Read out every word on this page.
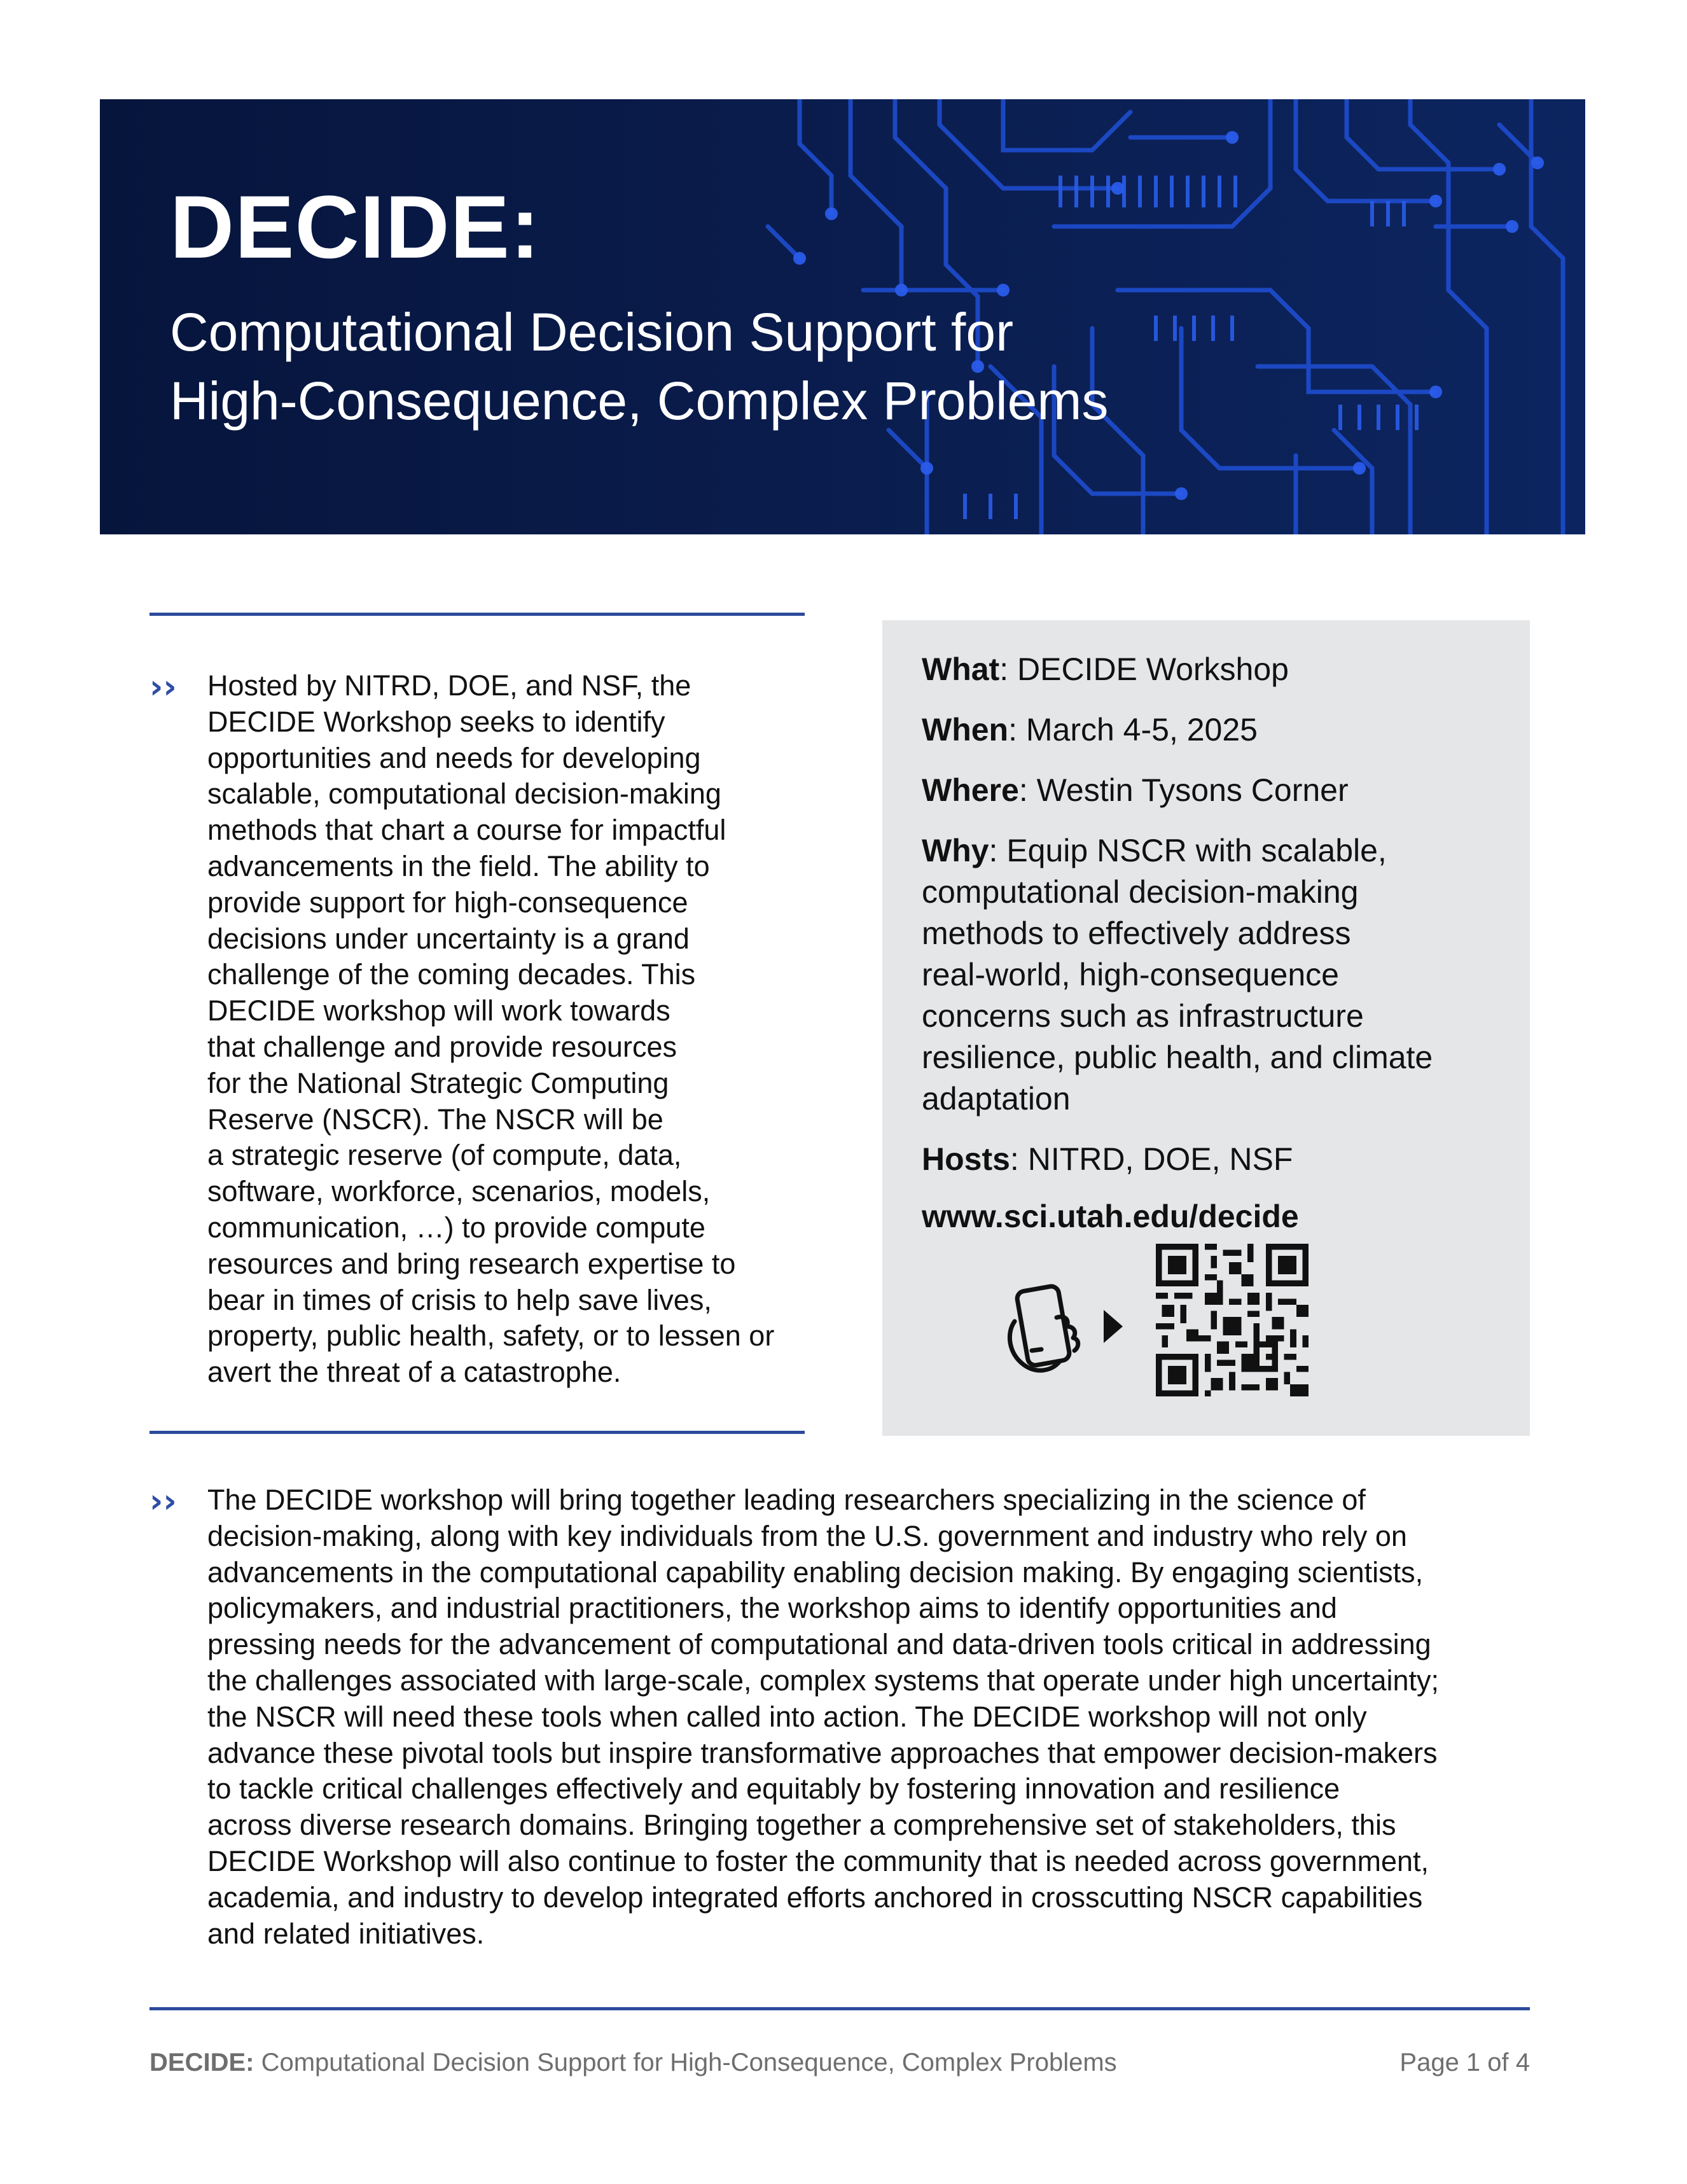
DECIDE:
Computational Decision Support for
High-Consequence, Complex Problems
›› Hosted by NITRD, DOE, and NSF, the
DECIDE Workshop seeks to identify
opportunities and needs for developing
scalable, computational decision-making
methods that chart a course for impactful
advancements in the field. The ability to
provide support for high-consequence
decisions under uncertainty is a grand
challenge of the coming decades. This
DECIDE workshop will work towards
that challenge and provide resources
for the National Strategic Computing
Reserve (NSCR). The NSCR will be
a strategic reserve (of compute, data,
software, workforce, scenarios, models,
communication, …) to provide compute
resources and bring research expertise to
bear in times of crisis to help save lives,
property, public health, safety, or to lessen or
avert the threat of a catastrophe.

What: DECIDE Workshop

When: March 4-5, 2025

Where: Westin Tysons Corner

Why: Equip NSCR with scalable,
computational decision-making
methods to effectively address
real-world, high-consequence
concerns such as infrastructure
resilience, public health, and climate
adaptation

Hosts: NITRD, DOE, NSF

www.sci.utah.edu/decide

›› The DECIDE workshop will bring together leading researchers specializing in the science of
decision-making, along with key individuals from the U.S. government and industry who rely on
advancements in the computational capability enabling decision making. By engaging scientists,
policymakers, and industrial practitioners, the workshop aims to identify opportunities and
pressing needs for the advancement of computational and data-driven tools critical in addressing
the challenges associated with large-scale, complex systems that operate under high uncertainty;
the NSCR will need these tools when called into action. The DECIDE workshop will not only
advance these pivotal tools but inspire transformative approaches that empower decision-makers
to tackle critical challenges effectively and equitably by fostering innovation and resilience
across diverse research domains. Bringing together a comprehensive set of stakeholders, this
DECIDE Workshop will also continue to foster the community that is needed across government,
academia, and industry to develop integrated efforts anchored in crosscutting NSCR capabilities
and related initiatives.

DECIDE: Computational Decision Support for High-Consequence, Complex Problems	Page 1 of 4
